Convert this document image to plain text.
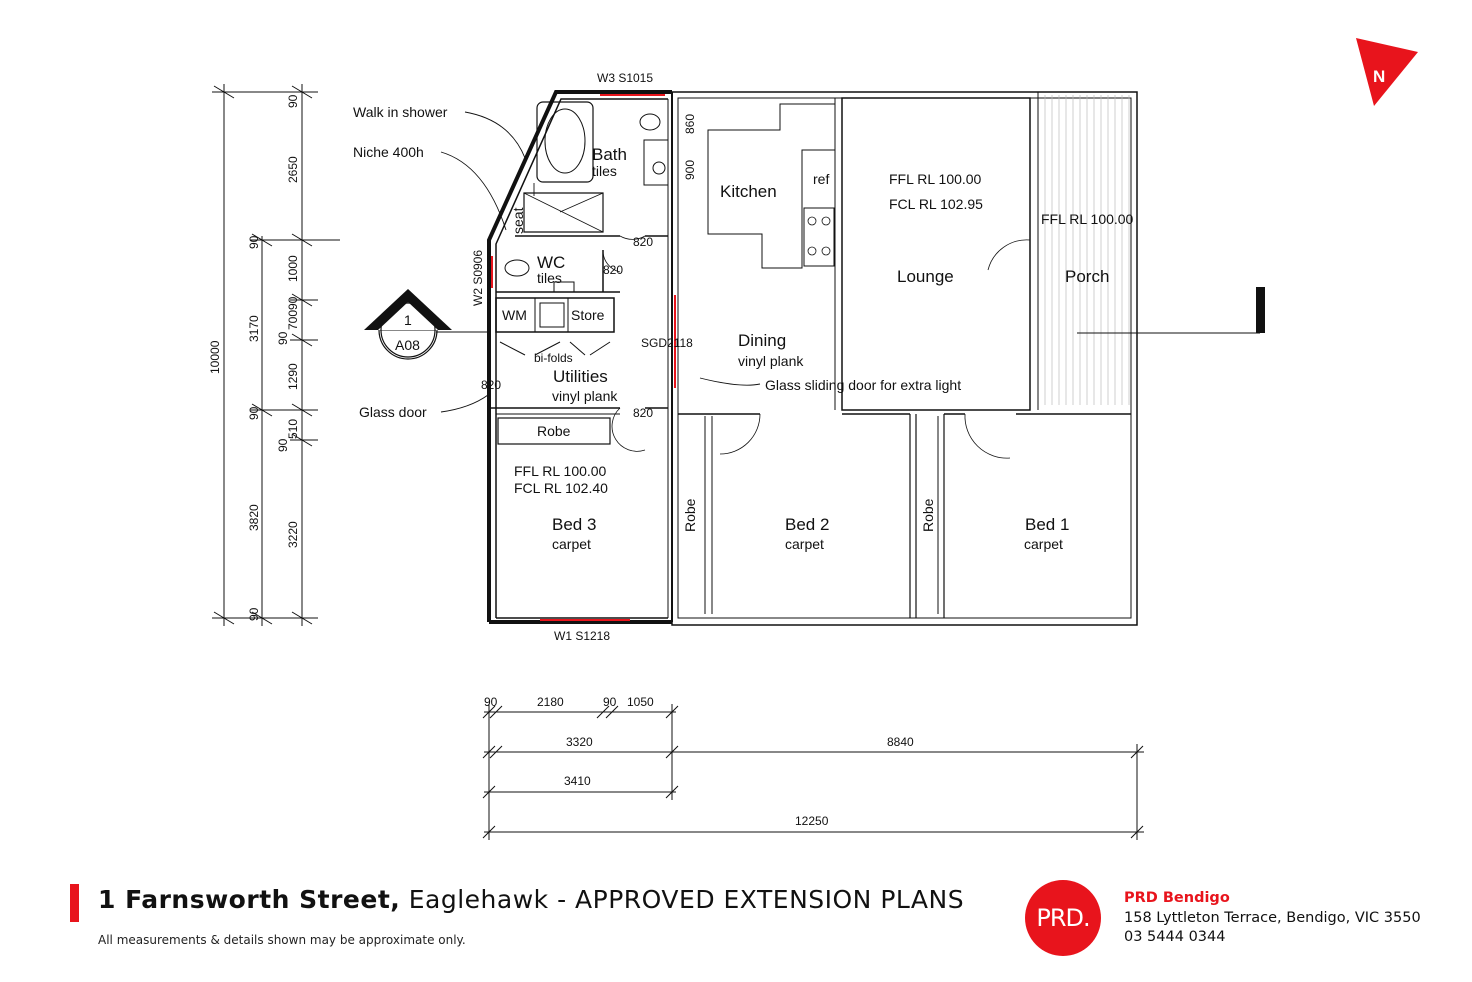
N
Bath
tiles
WC
tiles
WM	Store
bi-folds
Utilities
vinyl plank
Kitchen
ref
Dining
vinyl plank
FFL RL 100.00
FCL RL 102.95
Lounge
FFL RL 100.00
Porch
Robe
FFL RL 100.00
FCL RL 102.40
Bed 3
carpet
Bed 2
carpet
Bed 1
carpet
Robe	Robe
seat
Walk in shower
Niche 400h
Glass door
Glass sliding door for extra light
W3 S1015
W1 S1218
W2 S0906
SGD2118
820
820
820
820
860
900
1
A08
10000
90
3170
90
3820
90
90
2650
1000
90
700
1290
510
3220
90
90
90	2180	90 1050
3320	8840
3410
12250
1 Farnsworth Street, Eaglehawk - APPROVED EXTENSION PLANS
All measurements & details shown may be approximate only.
PRD.
PRD Bendigo
158 Lyttleton Terrace, Bendigo, VIC 3550
03 5444 0344
